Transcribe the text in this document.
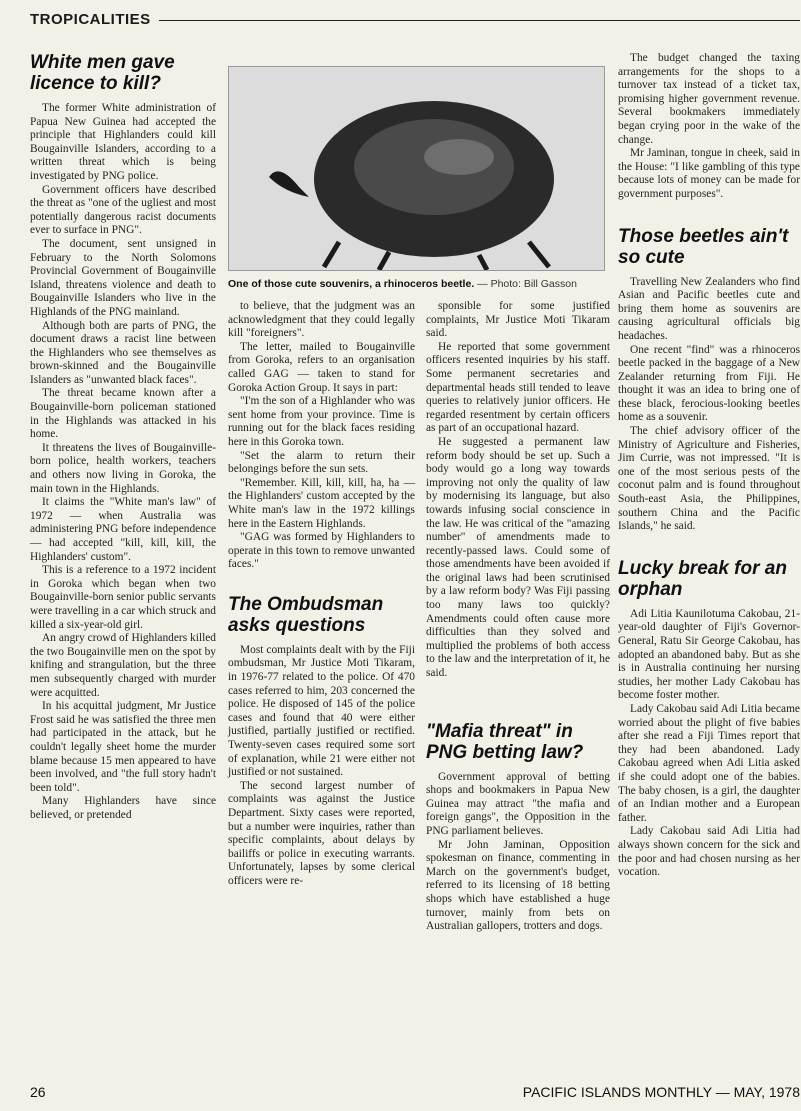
TROPICALITIES
One of those cute souvenirs, a rhinoceros beetle. — Photo: Bill Gasson
White men gave licence to kill?

The former White administration of Papua New Guinea had accepted the principle that Highlanders could kill Bougainville Islanders, according to a written threat which is being investigated by PNG police.

Government officers have described the threat as "one of the ugliest and most potentially dangerous racist documents ever to surface in PNG".

The document, sent unsigned in February to the North Solomons Provincial Government of Bougainville Island, threatens violence and death to Bougainville Islanders who live in the Highlands of the PNG mainland.

Although both are parts of PNG, the document draws a racist line between the Highlanders who see themselves as brown-skinned and the Bougainville Islanders as "unwanted black faces".

The threat became known after a Bougainville-born policeman stationed in the Highlands was attacked in his home.

It threatens the lives of Bougainville-born police, health workers, teachers and others now living in Goroka, the main town in the Highlands.

It claims the "White man's law" of 1972 — when Australia was administering PNG before independence — had accepted "kill, kill, kill, the Highlanders' custom".

This is a reference to a 1972 incident in Goroka which began when two Bougainville-born senior public servants were travelling in a car which struck and killed a six-year-old girl.

An angry crowd of Highlanders killed the two Bougainville men on the spot by knifing and strangulation, but the three men subsequently charged with murder were acquitted.

In his acquittal judgment, Mr Justice Frost said he was satisfied the three men had participated in the attack, but he couldn't legally sheet home the murder blame because 15 men appeared to have been involved, and "the full story hadn't been told".

Many Highlanders have since believed, or pretended

to believe, that the judgment was an acknowledgment that they could legally kill "foreigners".

The letter, mailed to Bougainville from Goroka, refers to an organisation called GAG — taken to stand for Goroka Action Group. It says in part:

"I'm the son of a Highlander who was sent home from your province. Time is running out for the black faces residing here in this Goroka town.

"Set the alarm to return their belongings before the sun sets.

"Remember. Kill, kill, kill, ha, ha — the Highlanders' custom accepted by the White man's law in the 1972 killings here in the Eastern Highlands.

"GAG was formed by Highlanders to operate in this town to remove unwanted faces."

The Ombudsman asks questions

Most complaints dealt with by the Fiji ombudsman, Mr Justice Moti Tikaram, in 1976-77 related to the police. Of 470 cases referred to him, 203 concerned the police. He disposed of 145 of the police cases and found that 40 were either justified, partially justified or rectified. Twenty-seven cases required some sort of explanation, while 21 were either not justified or not sustained.

The second largest number of complaints was against the Justice Department. Sixty cases were reported, but a number were inquiries, rather than specific complaints, about delays by bailiffs or police in executing warrants. Unfortunately, lapses by some clerical officers were re-

sponsible for some justified complaints, Mr Justice Moti Tikaram said.

He reported that some government officers resented inquiries by his staff. Some permanent secretaries and departmental heads still tended to leave queries to relatively junior officers. He regarded resentment by certain officers as part of an occupational hazard.

He suggested a permanent law reform body should be set up. Such a body would go a long way towards improving not only the quality of law by modernising its language, but also towards infusing social conscience in the law. He was critical of the "amazing number" of amendments made to recently-passed laws. Could some of those amendments have been avoided if the original laws had been scrutinised by a law reform body? Was Fiji passing too many laws too quickly? Amendments could often cause more difficulties than they solved and multiplied the problems of both access to the law and the interpretation of it, he said.

"Mafia threat" in PNG betting law?

Government approval of betting shops and bookmakers in Papua New Guinea may attract "the mafia and foreign gangs", the Opposition in the PNG parliament believes.

Mr John Jaminan, Opposition spokesman on finance, commenting in March on the government's budget, referred to its licensing of 18 betting shops which have established a huge turnover, mainly from bets on Australian gallopers, trotters and dogs.

The budget changed the taxing arrangements for the shops to a turnover tax instead of a ticket tax, promising higher government revenue. Several bookmakers immediately began crying poor in the wake of the change.

Mr Jaminan, tongue in cheek, said in the House: "I like gambling of this type because lots of money can be made for government purposes".

Those beetles ain't so cute

Travelling New Zealanders who find Asian and Pacific beetles cute and bring them home as souvenirs are causing agricultural officials big headaches.

One recent "find" was a rhinoceros beetle packed in the baggage of a New Zealander returning from Fiji. He thought it was an idea to bring one of these black, ferocious-looking beetles home as a souvenir.

The chief advisory officer of the Ministry of Agriculture and Fisheries, Jim Currie, was not impressed. "It is one of the most serious pests of the coconut palm and is found throughout South-east Asia, the Philippines, southern China and the Pacific Islands," he said.

Lucky break for an orphan

Adi Litia Kaunilotuma Cakobau, 21-year-old daughter of Fiji's Governor-General, Ratu Sir George Cakobau, has adopted an abandoned baby. But as she is in Australia continuing her nursing studies, her mother Lady Cakobau has become foster mother.

Lady Cakobau said Adi Litia became worried about the plight of five babies after she read a Fiji Times report that they had been abandoned. Lady Cakobau agreed when Adi Litia asked if she could adopt one of the babies. The baby chosen, is a girl, the daughter of an Indian mother and a European father.

Lady Cakobau said Adi Litia had always shown concern for the sick and the poor and had chosen nursing as her vocation.

26	PACIFIC ISLANDS MONTHLY — MAY, 1978
